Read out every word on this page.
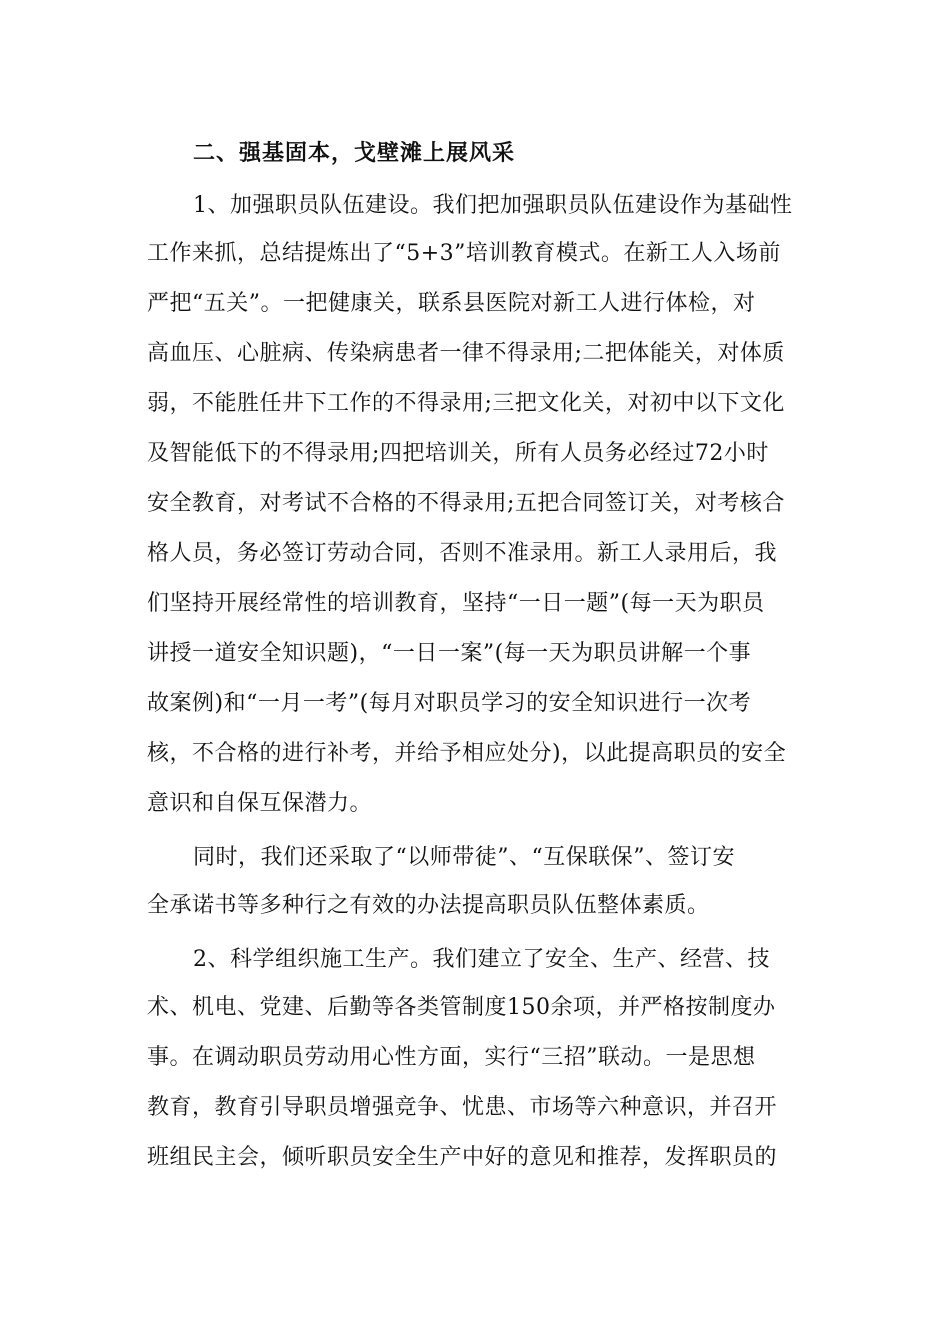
二、强基固本，戈壁滩上展风采
1、加强职员队伍建设。我们把加强职员队伍建设作为基础性
工作来抓，总结提炼出了“5+3”培训教育模式。在新工人入场前
严把“五关”。一把健康关，联系县医院对新工人进行体检，对
高血压、心脏病、传染病患者一律不得录用;二把体能关，对体质
弱，不能胜任井下工作的不得录用;三把文化关，对初中以下文化
及智能低下的不得录用;四把培训关，所有人员务必经过72小时
安全教育，对考试不合格的不得录用;五把合同签订关，对考核合
格人员，务必签订劳动合同，否则不准录用。新工人录用后，我
们坚持开展经常性的培训教育，坚持“一日一题”(每一天为职员
讲授一道安全知识题)，“一日一案”(每一天为职员讲解一个事
故案例)和“一月一考”(每月对职员学习的安全知识进行一次考
核，不合格的进行补考，并给予相应处分)，以此提高职员的安全
意识和自保互保潜力。
同时，我们还采取了“以师带徒”、“互保联保”、签订安
全承诺书等多种行之有效的办法提高职员队伍整体素质。
2、科学组织施工生产。我们建立了安全、生产、经营、技
术、机电、党建、后勤等各类管制度150余项，并严格按制度办
事。在调动职员劳动用心性方面，实行“三招”联动。一是思想
教育，教育引导职员增强竞争、忧患、市场等六种意识，并召开
班组民主会，倾听职员安全生产中好的意见和推荐，发挥职员的
